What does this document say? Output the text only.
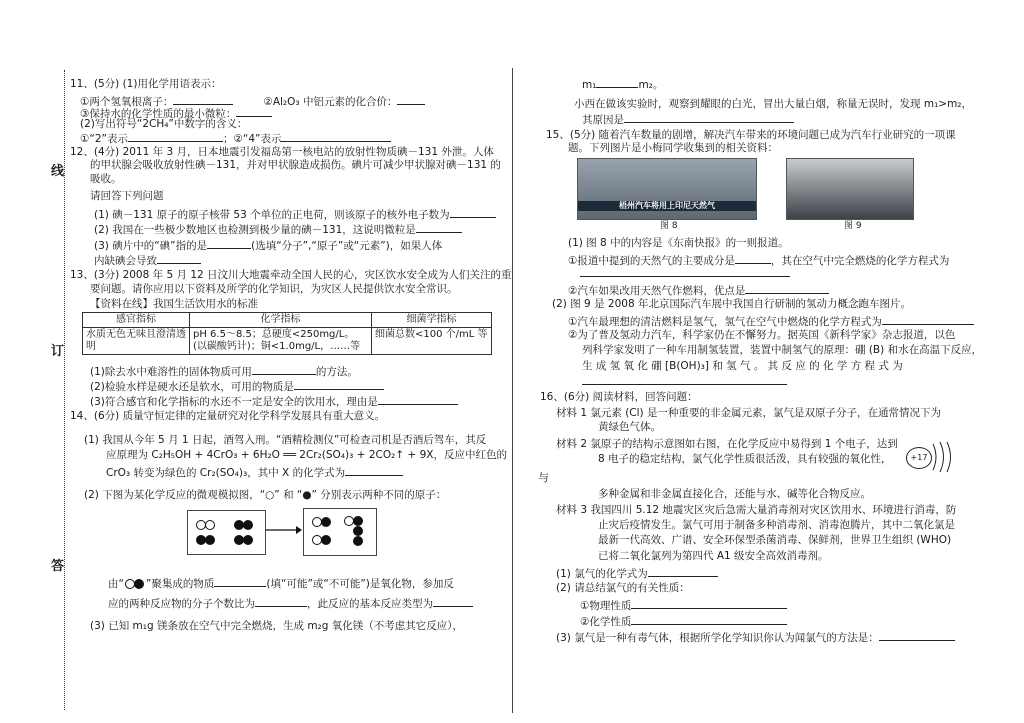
线
订
答
11、(5分) (1)用化学用语表示：
①两个氢氧根离子：	②Al₂O₃ 中铝元素的化合价：
③保持水的化学性质的最小微粒：
(2)写出符号“2CH₄”中数字的含义：
①“2”表示	；②“4”表示
12、(4分) 2011 年 3 月，日本地震引发福岛第一核电站的放射性物质碘－131 外泄。人体
的甲状腺会吸收放射性碘－131，并对甲状腺造成损伤。碘片可减少甲状腺对碘－131 的
吸收。
请回答下列问题
(1) 碘－131 原子的原子核带 53 个单位的正电荷，则该原子的核外电子数为
(2) 我国在一些极少数地区也检测到极少量的碘－131，这说明微粒是
(3) 碘片中的“碘”指的是	(选填“分子”,“原子”或“元素”)，如果人体
内缺碘会导致
13、(3分) 2008 年 5 月 12 日汶川大地震牵动全国人民的心，灾区饮水安全成为人们关注的重
要问题。请你应用以下资料及所学的化学知识，为灾区人民提供饮水安全常识。
【资料在线】我国生活饮用水的标准
感官指标	化学指标	细菌学指标
水质无色无味且澄清透明	pH 6.5～8.5；总硬度<250mg/L。(以碳酸钙计)；铜<1.0mg/L，……等	细菌总数<100 个/mL 等
(1)除去水中难溶性的固体物质可用	的方法。
(2)检验水样是硬水还是软水，可用的物质是
(3)符合感官和化学指标的水还不一定是安全的饮用水，理由是
14、(6分) 质量守恒定律的定量研究对化学科学发展具有重大意义。
(1) 我国从今年 5 月 1 日起，酒驾入刑。“酒精检测仪”可检查司机是否酒后驾车，其反
应原理为 C₂H₅OH + 4CrO₃ + 6H₂O ══ 2Cr₂(SO₄)₃ + 2CO₂↑ + 9X，反应中红色的
CrO₃ 转变为绿色的 Cr₂(SO₄)₃，其中 X 的化学式为
(2) 下图为某化学反应的微观模拟图，“○” 和 “●” 分别表示两种不同的原子：
由“ ”聚集成的物质	(填“可能”或“不可能”)是氧化物，参加反
应的两种反应物的分子个数比为	，此反应的基本反应类型为
(3) 已知 m₁g 镁条放在空气中完全燃烧，生成 m₂g 氧化镁（不考虑其它反应），
m₁	m₂。
小西在做该实验时，观察到耀眼的白光，冒出大量白烟，称量无误时，发现 m₁>m₂，
其原因是
15、(5分) 随着汽车数量的剧增，解决汽车带来的环境问题已成为汽车行业研究的一项课
题。下列图片是小梅同学收集到的相关资料：
梧州汽车将用上印尼天然气
图 8	图 9
(1) 图 8 中的内容是《东南快报》的一则报道。
①报道中提到的天然气的主要成分是	，其在空气中完全燃烧的化学方程式为
②汽车如果改用天然气作燃料，优点是
(2) 图 9 是 2008 年北京国际汽车展中我国自行研制的氢动力概念跑车图片。
①汽车最理想的清洁燃料是氢气，氢气在空气中燃烧的化学方程式为
②为了普及氢动力汽车，科学家仍在不懈努力。据英国《新科学家》杂志报道，以色
列科学家发明了一种车用制氢装置，装置中制氢气的原理：硼 (B) 和水在高温下反应，
生 成 氢 氧 化 硼 [B(OH)₃] 和 氢 气 。 其 反 应 的 化 学 方 程 式 为
16、(6分) 阅读材料，回答问题：
材料 1 氯元素 (Cl) 是一种重要的非金属元素，氯气是双原子分子，在通常情况下为
黄绿色气体。
材料 2 氯原子的结构示意图如右图，在化学反应中易得到 1 个电子，达到
8 电子的稳定结构，氯气化学性质很活泼，具有较强的氧化性，
与
多种金属和非金属直接化合，还能与水、碱等化合物反应。
+17
材料 3 我国四川 5.12 地震灾区灾后急需大量消毒剂对灾区饮用水、环境进行消毒，防
止灾后疫情发生。氯气可用于制备多种消毒剂、消毒泡腾片，其中二氧化氯是
最新一代高效、广谱、安全环保型杀菌消毒、保鲜剂，世界卫生组织 (WHO)
已将二氧化氯列为第四代 A1 级安全高效消毒剂。
(1) 氯气的化学式为
(2) 请总结氯气的有关性质：
①物理性质
②化学性质
(3) 氯气是一种有毒气体，根据所学化学知识你认为闻氯气的方法是：
